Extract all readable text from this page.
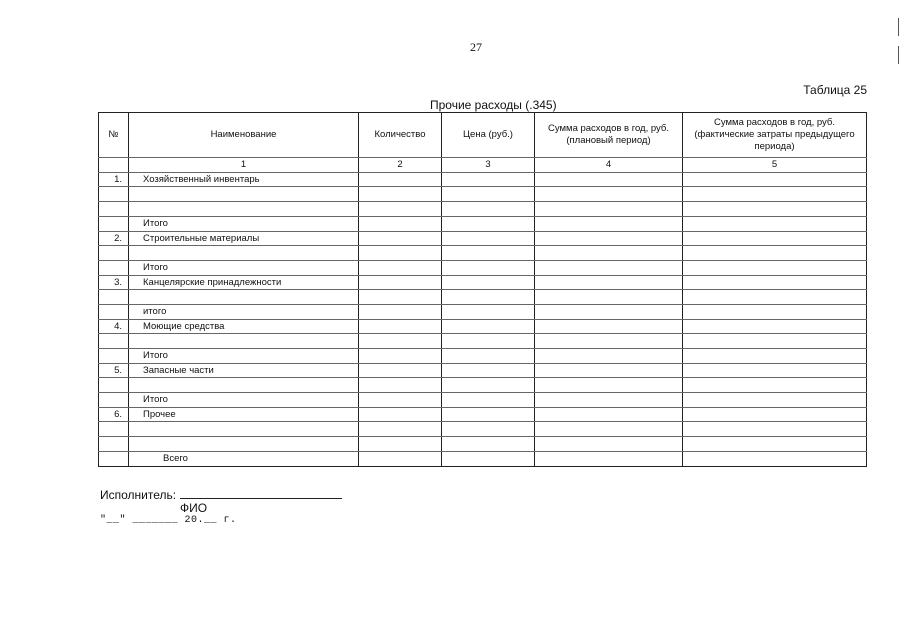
27
Таблица 25
Прочие расходы (.345)
№	Наименование	Количество	Цена (руб.)	Сумма расходов в год, руб. (плановый период)	Сумма расходов в год, руб. (фактические затраты предыдущего периода)
	1	2	3	4	5
1.	Хозяйственный инвентарь				

	Итого				
2.	Строительные материалы				

	Итого				
3.	Канцелярские принадлежности				

	итого				
4.	Моющие средства				

	Итого				
5.	Запасные части				

	Итого				
6.	Прочее				

	Всего				
Исполнитель:
ФИО
"__" _______ 20.__ г.
